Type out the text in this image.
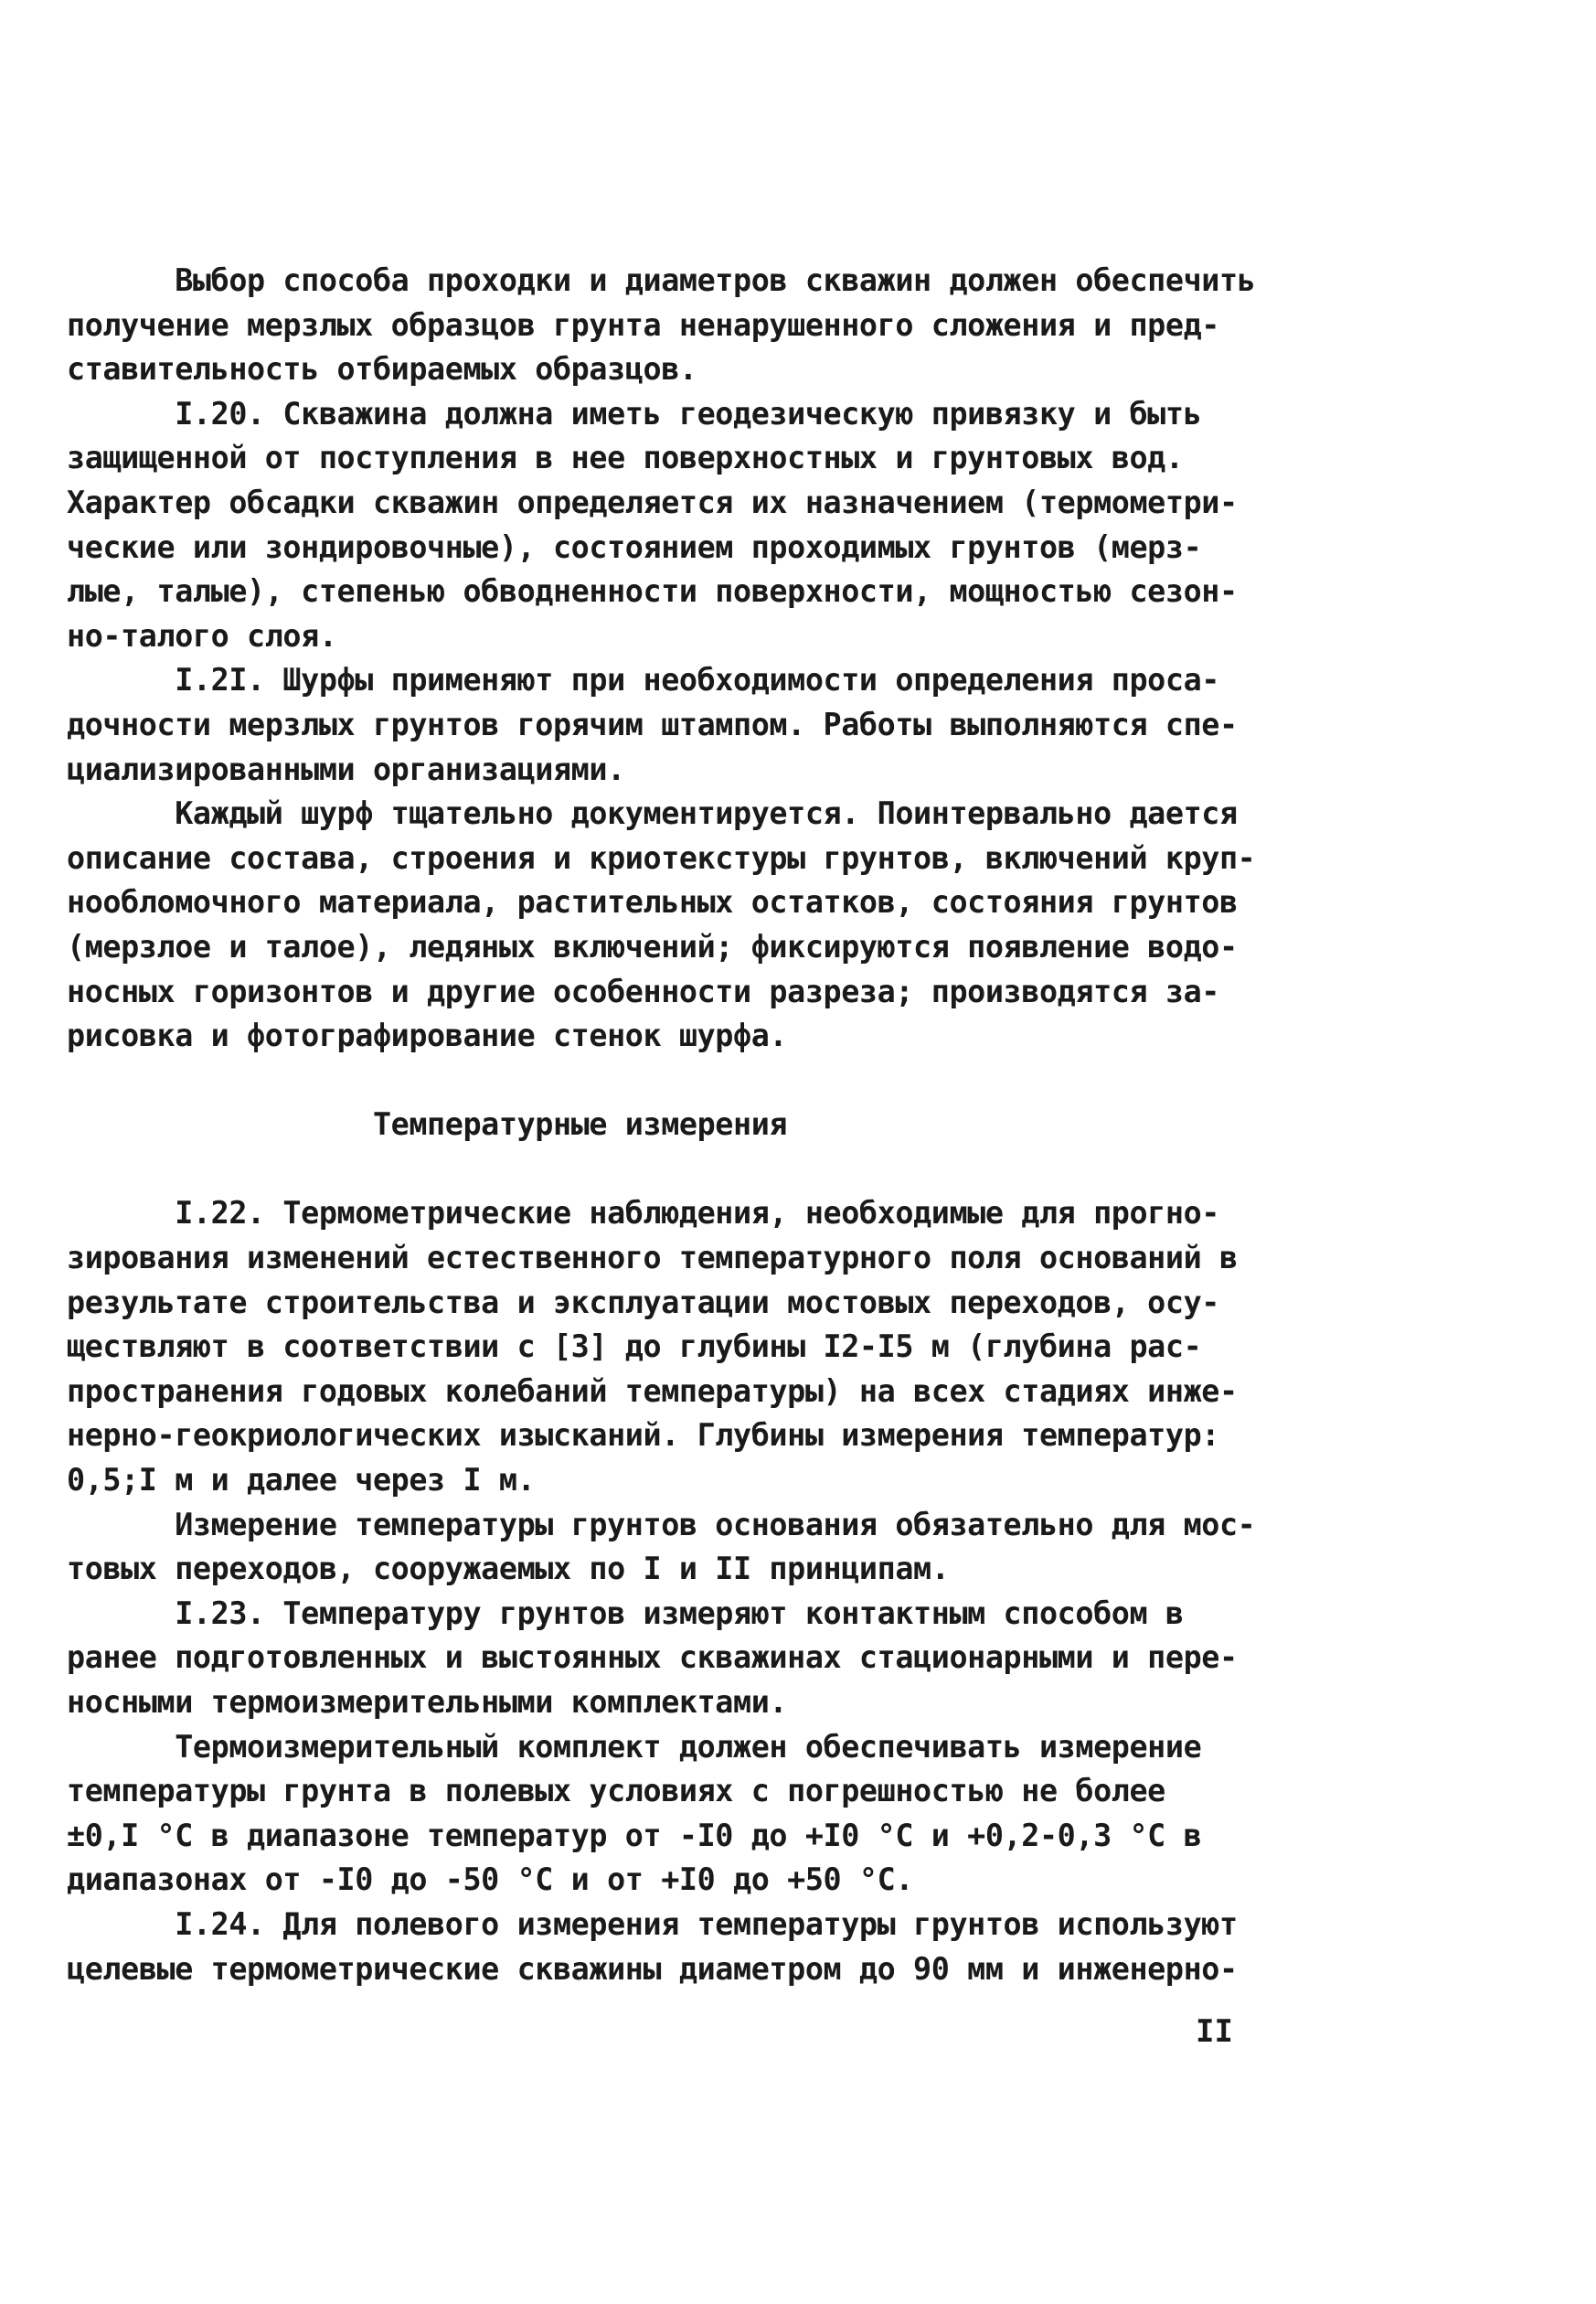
Выбор способа проходки и диаметров скважин должен обеспечить
получение мерзлых образцов грунта ненарушенного сложения и пред-
ставительность отбираемых образцов.
I.20. Скважина должна иметь геодезическую привязку и быть
защищенной от поступления в нее поверхностных и грунтовых вод.
Характер обсадки скважин определяется их назначением (термометри-
ческие или зондировочные), состоянием проходимых грунтов (мерз-
лые, талые), степенью обводненности поверхности, мощностью сезон-
но-талого слоя.
I.2I. Шурфы применяют при необходимости определения проса-
дочности мерзлых грунтов горячим штампом. Работы выполняются спе-
циализированными организациями.
Каждый шурф тщательно документируется. Поинтервально дается
описание состава, строения и криотекстуры грунтов, включений круп-
нообломочного материала, растительных остатков, состояния грунтов
(мерзлое и талое), ледяных включений; фиксируются появление водо-
носных горизонтов и другие особенности разреза; производятся за-
рисовка и фотографирование стенок шурфа.
Температурные измерения
I.22. Термометрические наблюдения, необходимые для прогно-
зирования изменений естественного температурного поля оснований в
результате строительства и эксплуатации мостовых переходов, осу-
ществляют в соответствии с [3] до глубины I2-I5 м (глубина рас-
пространения годовых колебаний температуры) на всех стадиях инже-
нерно-геокриологических изысканий. Глубины измерения температур:
0,5;I м и далее через I м.
Измерение температуры грунтов основания обязательно для мос-
товых переходов, сооружаемых по I и II принципам.
I.23. Температуру грунтов измеряют контактным способом в
ранее подготовленных и выстоянных скважинах стационарными и пере-
носными термоизмерительными комплектами.
Термоизмерительный комплект должен обеспечивать измерение
температуры грунта в полевых условиях с погрешностью не более
±0,I °С в диапазоне температур от -I0 до +I0 °С и +0,2-0,3 °С в
диапазонах от -I0 до -50 °С и от +I0 до +50 °С.
I.24. Для полевого измерения температуры грунтов используют
целевые термометрические скважины диаметром до 90 мм и инженерно-
II
